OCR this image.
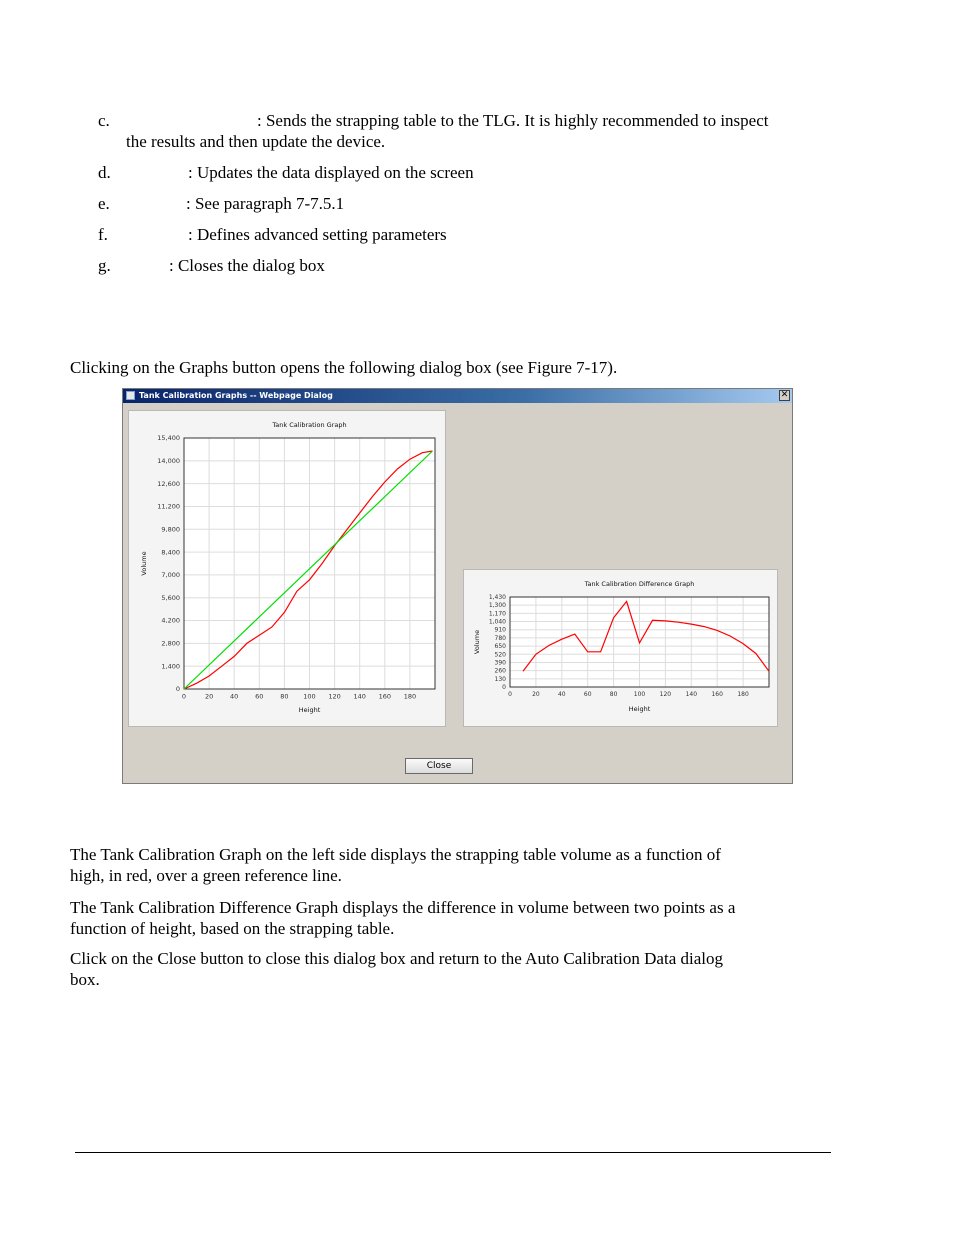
c.	: Sends the strapping table to the TLG. It is highly recommended to inspect
the results and then update the device.
d.	: Updates the data displayed on the screen
e.	: See paragraph 7-7.5.1
f.	: Defines advanced setting parameters
g.	: Closes the dialog box
Clicking on the Graphs button opens the following dialog box (see Figure 7-17).
Tank Calibration Graphs -- Webpage Dialog	✕
0
1,400
2,800
4,200
5,600
7,000
8,400
9,800
11,200
12,600
14,000
15,400
0	20	40	60	80 100 120 140 160 180
Tank Calibration Graph
Height
Volume
0
130
260
390
520
650
780
910
1,040
1,170
1,300
1,430
0	20	40	60	80	100 120 140 160 180
Tank Calibration Difference Graph
Height
Volume
Close
The Tank Calibration Graph on the left side displays the strapping table volume as a function of
high, in red, over a green reference line.
The Tank Calibration Difference Graph displays the difference in volume between two points as a
function of height, based on the strapping table.
Click on the Close button to close this dialog box and return to the Auto Calibration Data dialog
box.
